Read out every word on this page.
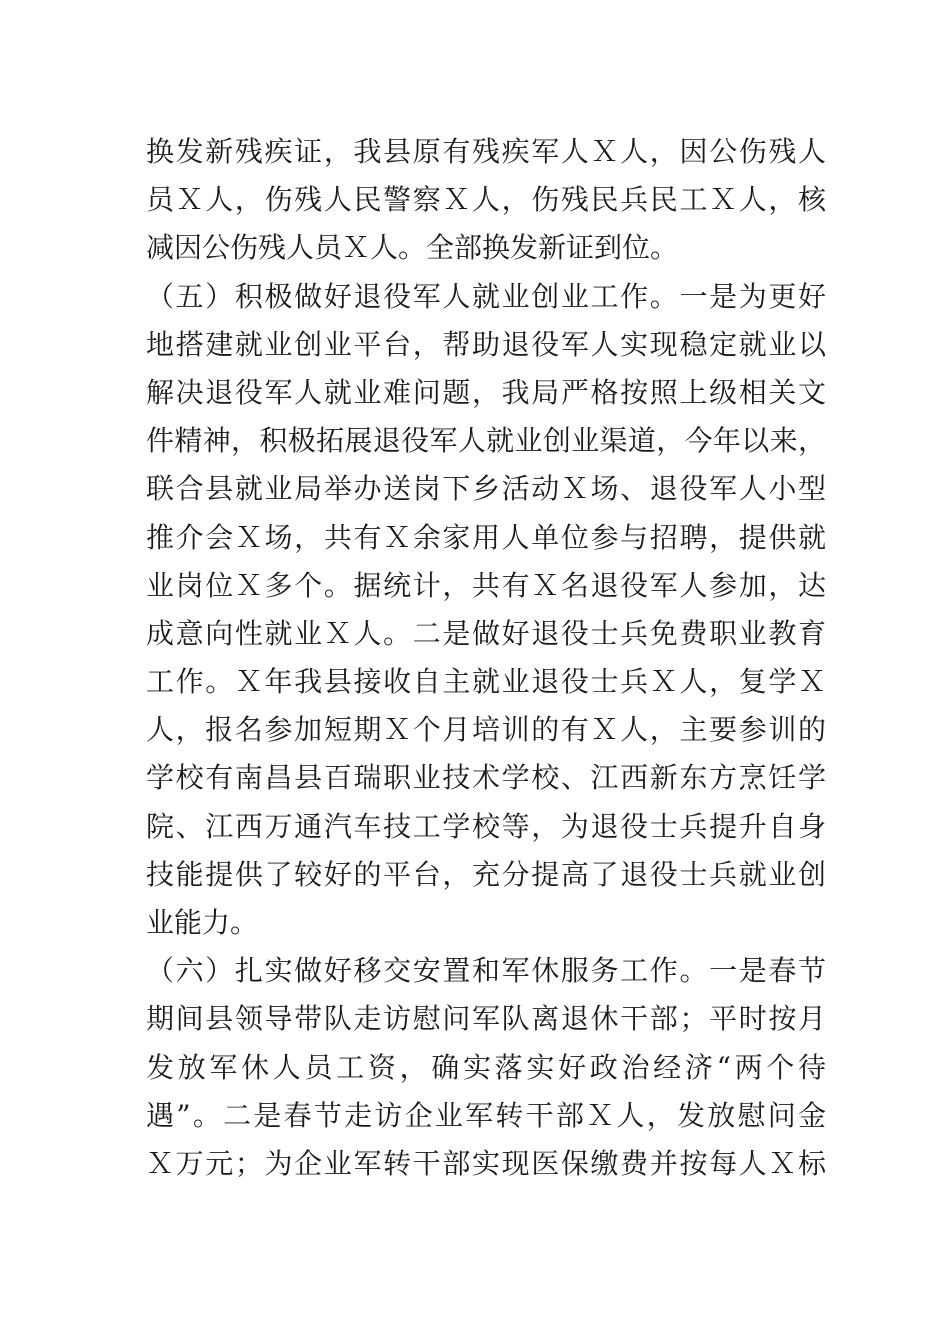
换发新残疾证，我县原有残疾军人Ｘ人，因公伤残人
员Ｘ人，伤残人民警察Ｘ人，伤残民兵民工Ｘ人，核
减因公伤残人员Ｘ人。全部换发新证到位。
（五）积极做好退役军人就业创业工作。一是为更好
地搭建就业创业平台，帮助退役军人实现稳定就业以
解决退役军人就业难问题，我局严格按照上级相关文
件精神，积极拓展退役军人就业创业渠道，今年以来，
联合县就业局举办送岗下乡活动Ｘ场、退役军人小型
推介会Ｘ场，共有Ｘ余家用人单位参与招聘，提供就
业岗位Ｘ多个。据统计，共有Ｘ名退役军人参加，达
成意向性就业Ｘ人。二是做好退役士兵免费职业教育
工作。Ｘ年我县接收自主就业退役士兵Ｘ人，复学Ｘ
人，报名参加短期Ｘ个月培训的有Ｘ人，主要参训的
学校有南昌县百瑞职业技术学校、江西新东方烹饪学
院、江西万通汽车技工学校等，为退役士兵提升自身
技能提供了较好的平台，充分提高了退役士兵就业创
业能力。
（六）扎实做好移交安置和军休服务工作。一是春节
期间县领导带队走访慰问军队离退休干部；平时按月
发放军休人员工资，确实落实好政治经济“两个待
遇”。二是春节走访企业军转干部Ｘ人，发放慰问金
Ｘ万元；为企业军转干部实现医保缴费并按每人Ｘ标
